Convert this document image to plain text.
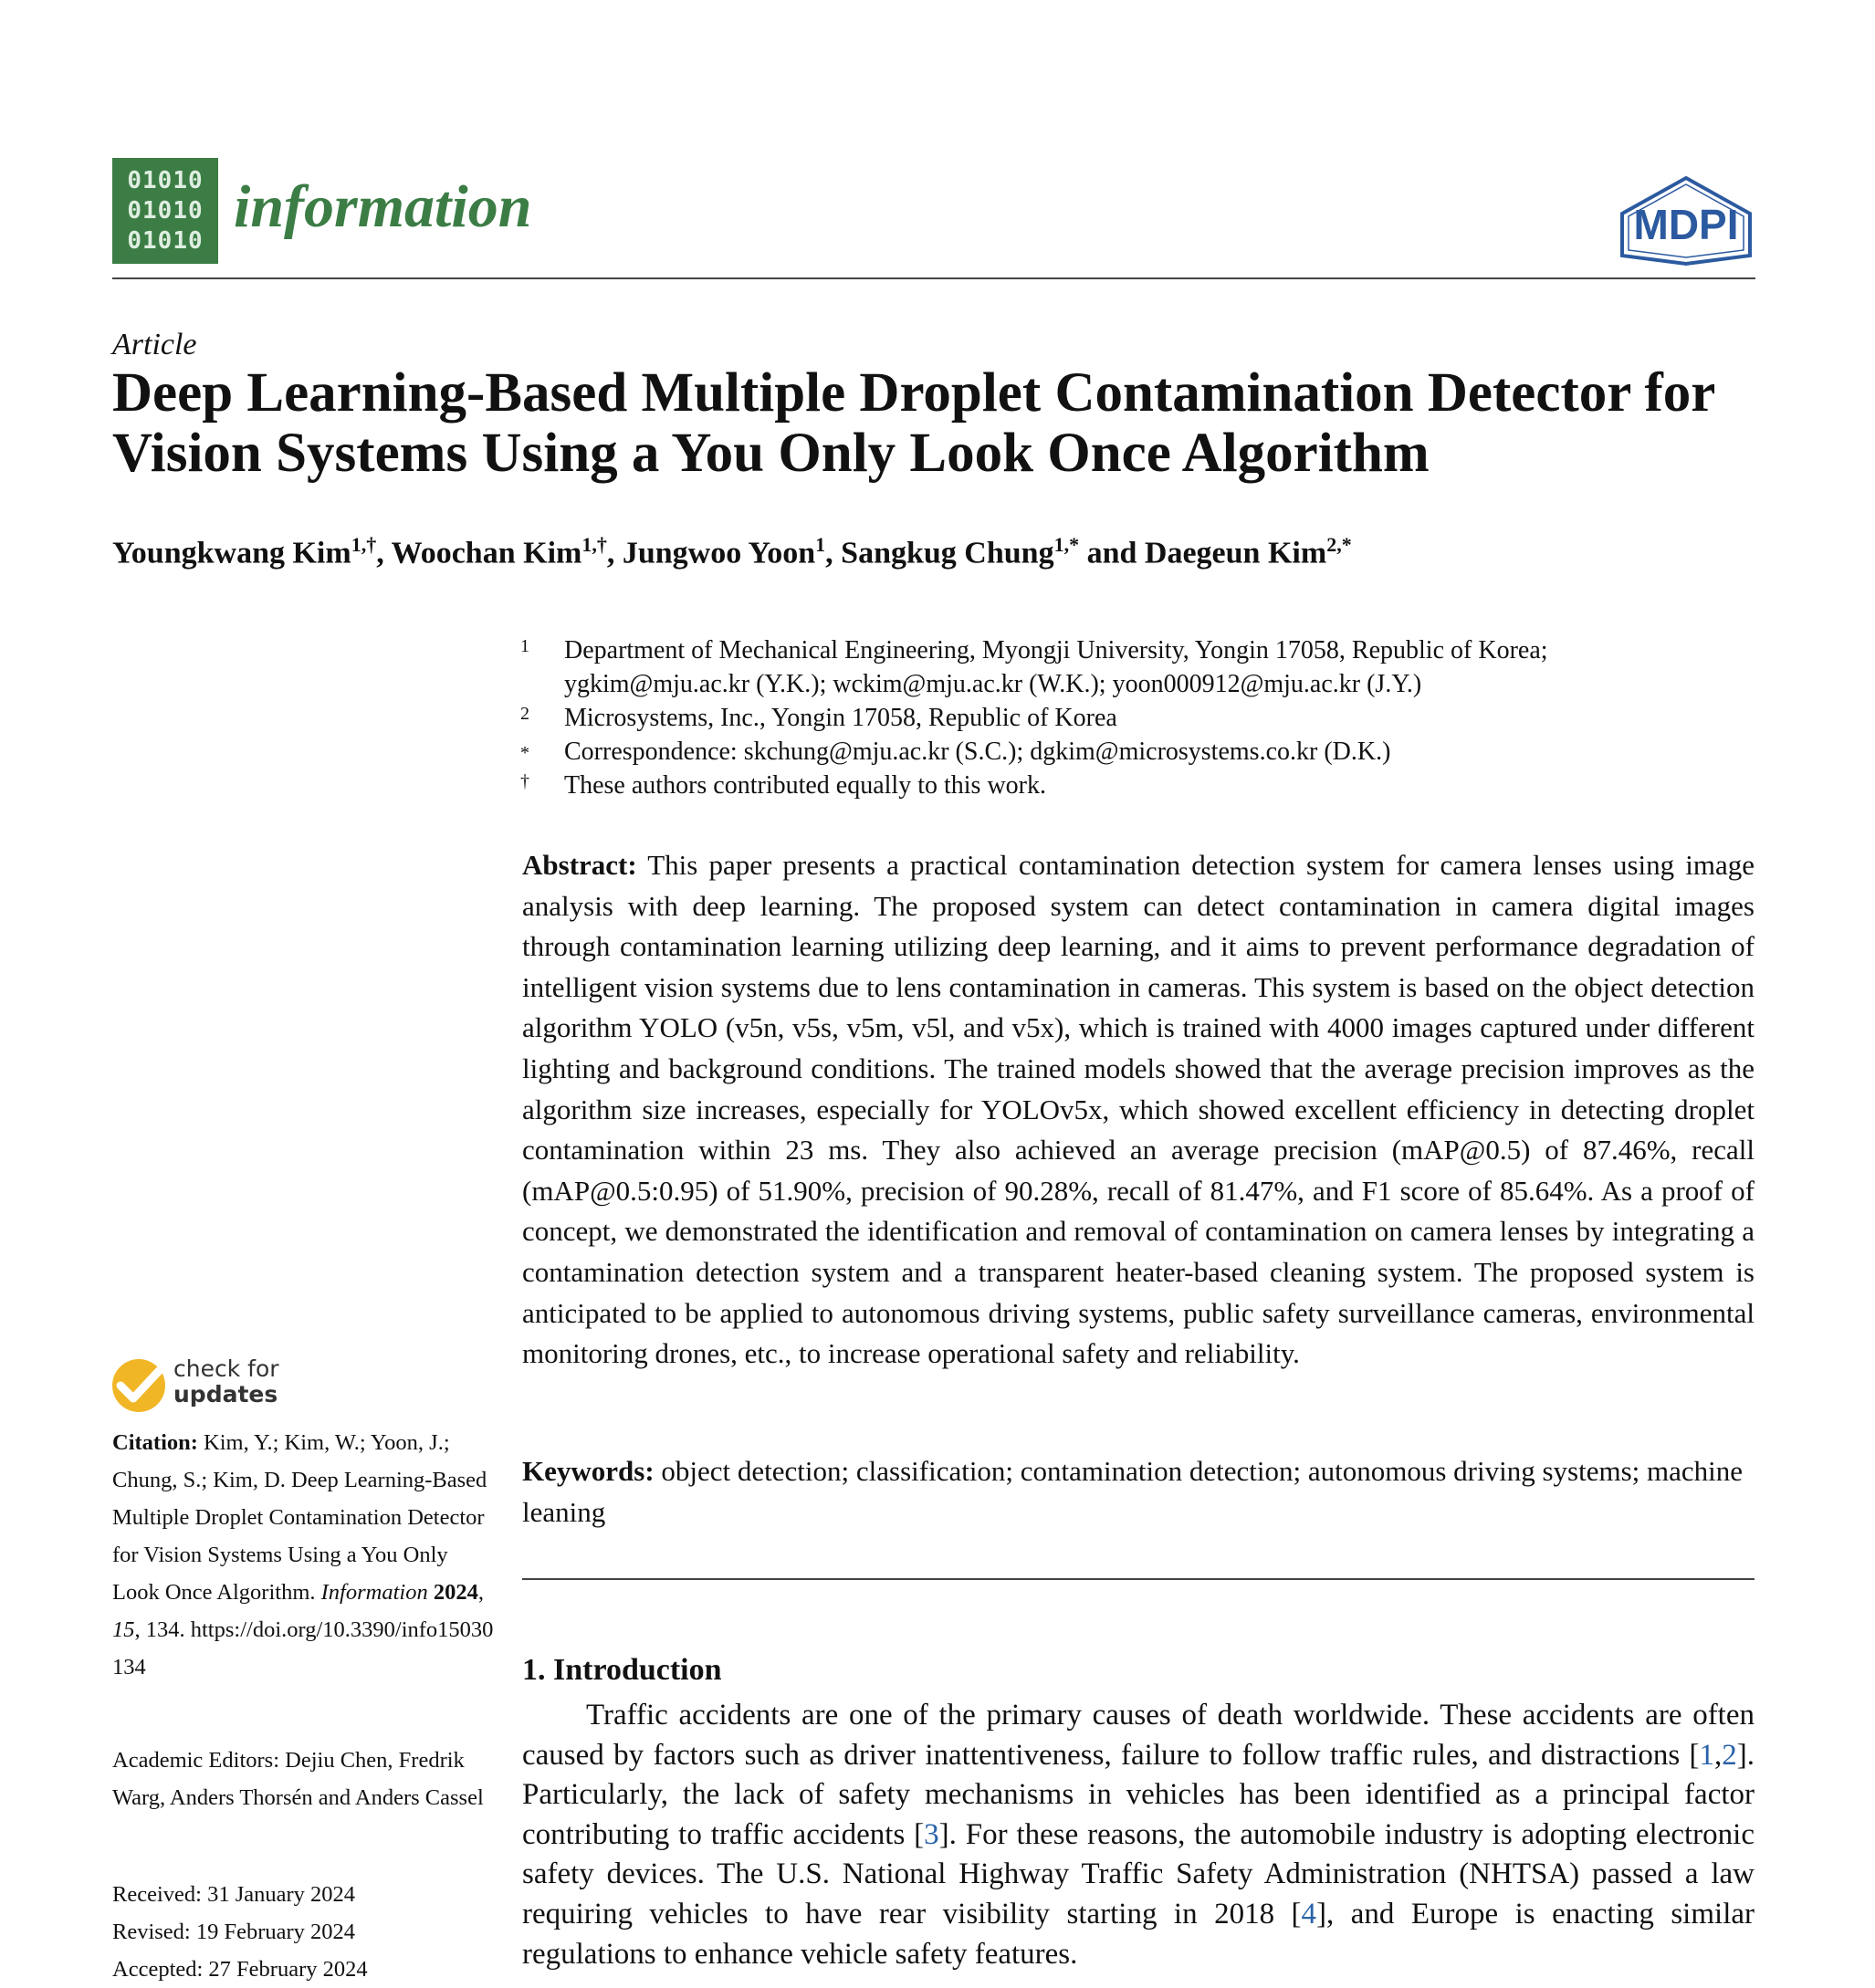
01010
01010
01010
information	MDPI
Article
Deep Learning-Based Multiple Droplet Contamination Detector for Vision Systems Using a You Only Look Once Algorithm
Youngkwang Kim$^{1,\dagger}$, Woochan Kim$^{1,\dagger}$, Jungwoo Yoon$^1$, Sangkug Chung$^{1,*}$ and Daegeun Kim$^{2,*}$
1 Department of Mechanical Engineering, Myongji University, Yongin 17058, Republic of Korea;
ygkim@mju.ac.kr (Y.K.); wckim@mju.ac.kr (W.K.); yoon000912@mju.ac.kr (J.Y.)
2 Microsystems, Inc., Yongin 17058, Republic of Korea
* Correspondence: skchung@mju.ac.kr (S.C.); dgkim@microsystems.co.kr (D.K.)
† These authors contributed equally to this work.

Abstract: This paper presents a practical contamination detection system for camera lenses using image analysis with deep learning. The proposed system can detect contamination in camera digital images through contamination learning utilizing deep learning, and it aims to prevent performance degradation of intelligent vision systems due to lens contamination in cameras. This system is based on the object detection algorithm YOLO (v5n, v5s, v5m, v5l, and v5x), which is trained with 4000 images captured under different lighting and background conditions. The trained models showed that the average precision improves as the algorithm size increases, especially for YOLOv5x, which showed excellent efficiency in detecting droplet contamination within 23 ms. They also achieved an average precision (mAP@0.5) of 87.46%, recall (mAP@0.5:0.95) of 51.90%, precision of 90.28%, recall of 81.47%, and F1 score of 85.64%. As a proof of concept, we demonstrated the identification and removal of contamination on camera lenses by integrating a contamination detection system and a transparent heater-based cleaning system. The proposed system is anticipated to be applied to autonomous driving systems, public safety surveillance cameras, environmental monitoring drones, etc., to increase operational safety and reliability.

Keywords: object detection; classification; contamination detection; autonomous driving systems; machine leaning

1. Introduction

Traffic accidents are one of the primary causes of death worldwide. These accidents are often caused by factors such as driver inattentiveness, failure to follow traffic rules, and distractions [1,2]. Particularly, the lack of safety mechanisms in vehicles has been identified as a principal factor contributing to traffic accidents [3]. For these reasons, the automobile industry is adopting electronic safety devices. The U.S. National Highway Traffic Safety Administration (NHTSA) passed a law requiring vehicles to have rear visibility starting in 2018 [4], and Europe is enacting similar regulations to enhance vehicle safety features.

check for
updates

Citation: Kim, Y.; Kim, W.; Yoon, J.; Chung, S.; Kim, D. Deep Learning-Based Multiple Droplet Contamination Detector for Vision Systems Using a You Only Look Once Algorithm. Information 2024, 15, 134. https://doi.org/10.3390/info15030134

Academic Editors: Dejiu Chen, Fredrik Warg, Anders Thorsén and Anders Cassel

Received: 31 January 2024
Revised: 19 February 2024
Accepted: 27 February 2024
